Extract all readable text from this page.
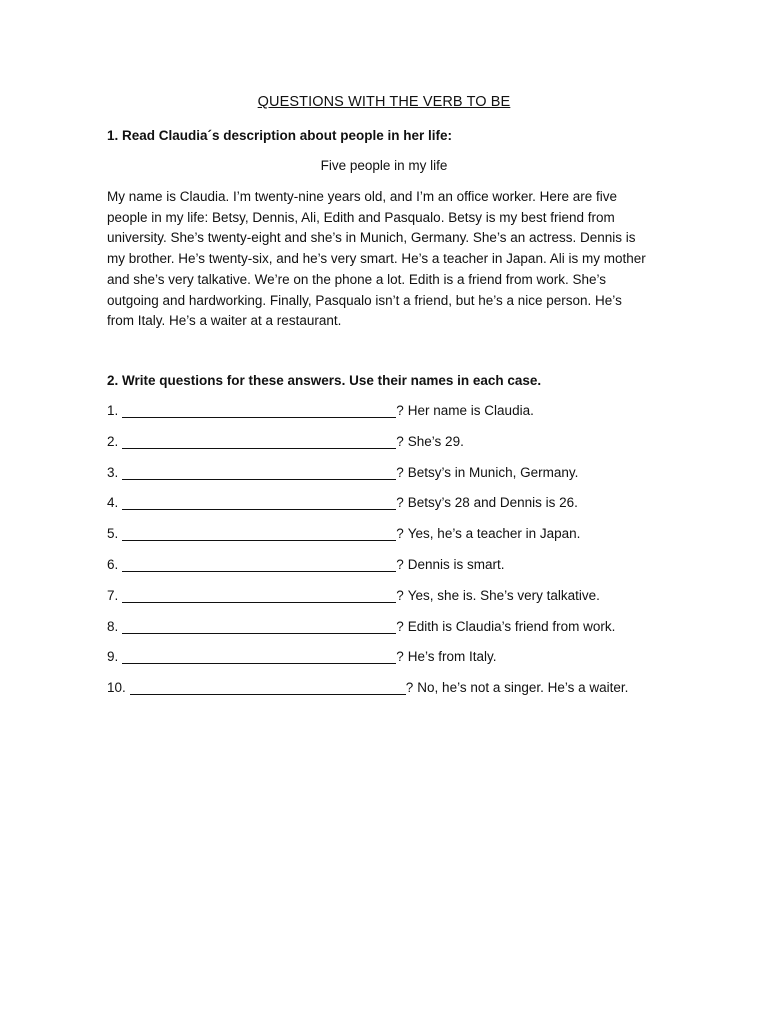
QUESTIONS WITH THE VERB TO BE
1. Read Claudia´s description about people in her life:
Five people in my life
My name is Claudia. I’m twenty-nine years old, and I’m an office worker. Here are five
people in my life: Betsy, Dennis, Ali, Edith and Pasqualo. Betsy is my best friend from
university. She’s twenty-eight and she’s in Munich, Germany. She’s an actress. Dennis is
my brother. He’s twenty-six, and he’s very smart. He’s a teacher in Japan. Ali is my mother
and she’s very talkative. We’re on the phone a lot. Edith is a friend from work. She’s
outgoing and hardworking. Finally, Pasqualo isn’t a friend, but he’s a nice person. He’s
from Italy. He’s a waiter at a restaurant.
2. Write questions for these answers. Use their names in each case.
1.	? Her name is Claudia.
2.	? She’s 29.
3.	? Betsy’s in Munich, Germany.
4.	? Betsy’s 28 and Dennis is 26.
5.	? Yes, he’s a teacher in Japan.
6.	? Dennis is smart.
7.	? Yes, she is. She’s very talkative.
8.	? Edith is Claudia’s friend from work.
9.	? He’s from Italy.
10.	? No, he’s not a singer. He’s a waiter.
